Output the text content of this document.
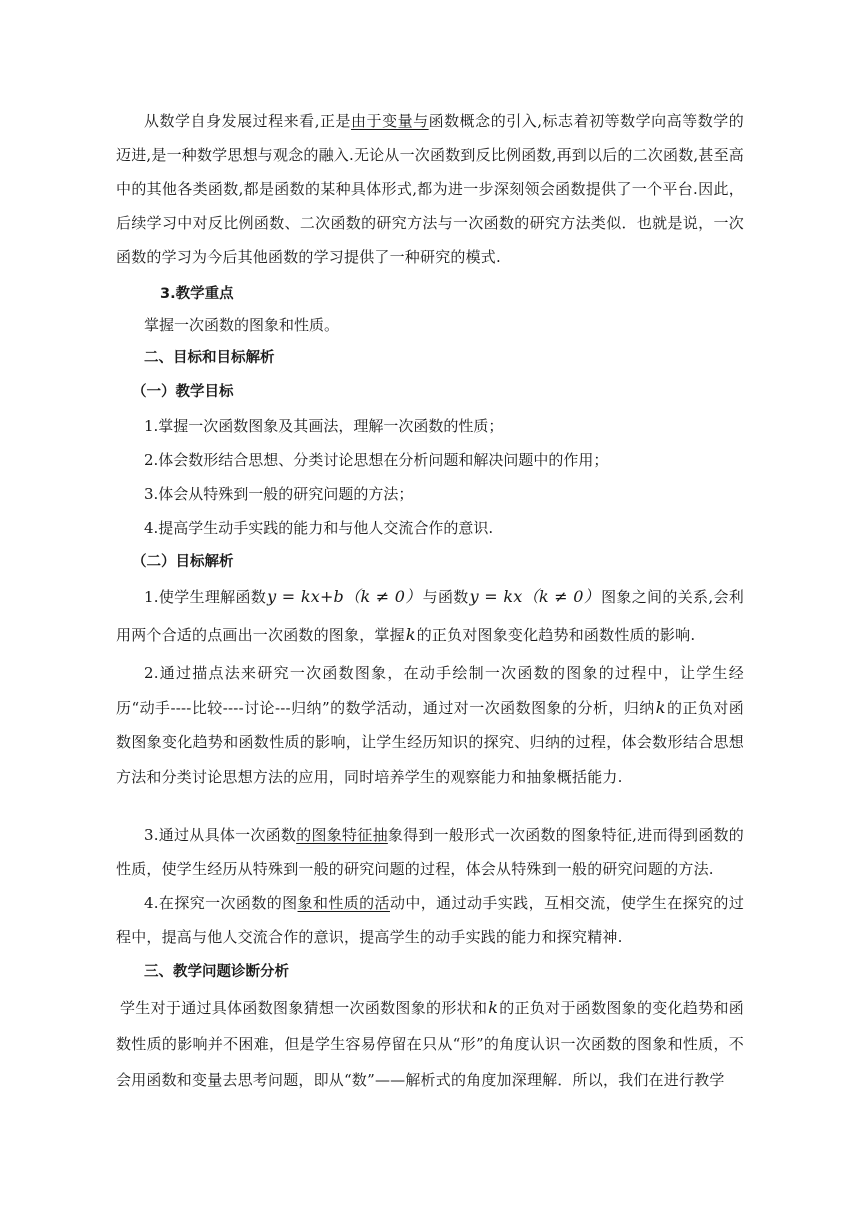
从数学自身发展过程来看,正是由于变量与函数概念的引入,标志着初等数学向高等数学的迈进,是一种数学思想与观念的融入.无论从一次函数到反比例函数,再到以后的二次函数,甚至高中的其他各类函数,都是函数的某种具体形式,都为进一步深刻领会函数提供了一个平台.因此，后续学习中对反比例函数、二次函数的研究方法与一次函数的研究方法类似．也就是说，一次函数的学习为今后其他函数的学习提供了一种研究的模式.
3.教学重点
掌握一次函数的图象和性质。
二、目标和目标解析
（一）教学目标
1.掌握一次函数图象及其画法，理解一次函数的性质；
2.体会数形结合思想、分类讨论思想在分析问题和解决问题中的作用；
3.体会从特殊到一般的研究问题的方法；
4.提高学生动手实践的能力和与他人交流合作的意识.
（二）目标解析
1.使学生理解函数y = kx+b（k ≠ 0）与函数y = kx（k ≠ 0）图象之间的关系,会利用两个合适的点画出一次函数的图象，掌握k的正负对图象变化趋势和函数性质的影响.
2.通过描点法来研究一次函数图象，在动手绘制一次函数的图象的过程中，让学生经历“动手----比较----讨论---归纳”的数学活动，通过对一次函数图象的分析，归纳k的正负对函数图象变化趋势和函数性质的影响，让学生经历知识的探究、归纳的过程，体会数形结合思想方法和分类讨论思想方法的应用，同时培养学生的观察能力和抽象概括能力.
3.通过从具体一次函数的图象特征抽象得到一般形式一次函数的图象特征,进而得到函数的性质，使学生经历从特殊到一般的研究问题的过程，体会从特殊到一般的研究问题的方法.
4.在探究一次函数的图象和性质的活动中，通过动手实践，互相交流，使学生在探究的过程中，提高与他人交流合作的意识，提高学生的动手实践的能力和探究精神.
三、教学问题诊断分析
学生对于通过具体函数图象猜想一次函数图象的形状和k的正负对于函数图象的变化趋势和函数性质的影响并不困难，但是学生容易停留在只从“形”的角度认识一次函数的图象和性质，不会用函数和变量去思考问题，即从“数”——解析式的角度加深理解．所以，我们在进行教学
